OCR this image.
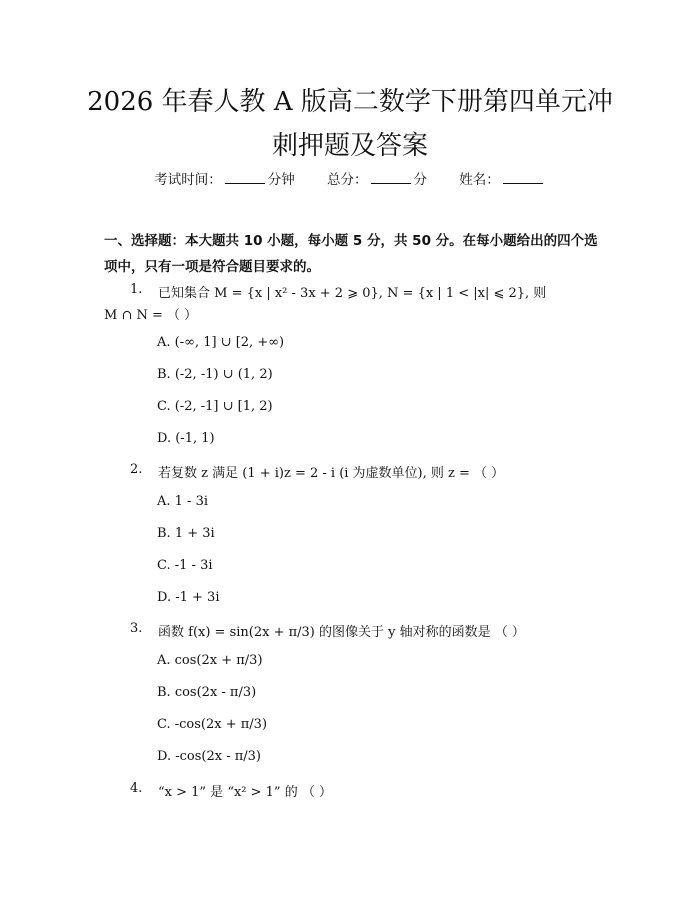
2026 年春人教 A 版高二数学下册第四单元冲
刺押题及答案
考试时间：	分钟 总分：	分 姓名：
一、选择题：本大题共 10 小题，每小题 5 分，共 50 分。在每小题给出的四个选项中，只有一项是符合题目要求的。
1. 已知集合 M = {x | x² - 3x + 2 ⩾ 0}, N = {x | 1 < |x| ⩽ 2}, 则
M ∩ N = （ ）
A. (-∞, 1] ∪ [2, +∞)
B. (-2, -1) ∪ (1, 2)
C. (-2, -1] ∪ [1, 2)
D. (-1, 1)
2. 若复数 z 满足 (1 + i)z = 2 - i (i 为虚数单位), 则 z = （ ）
A. 1 - 3i
B. 1 + 3i
C. -1 - 3i
D. -1 + 3i
3. 函数 f(x) = sin(2x + π/3) 的图像关于 y 轴对称的函数是 （ ）
A. cos(2x + π/3)
B. cos(2x - π/3)
C. -cos(2x + π/3)
D. -cos(2x - π/3)
4. “x > 1” 是 “x² > 1” 的 （ ）
